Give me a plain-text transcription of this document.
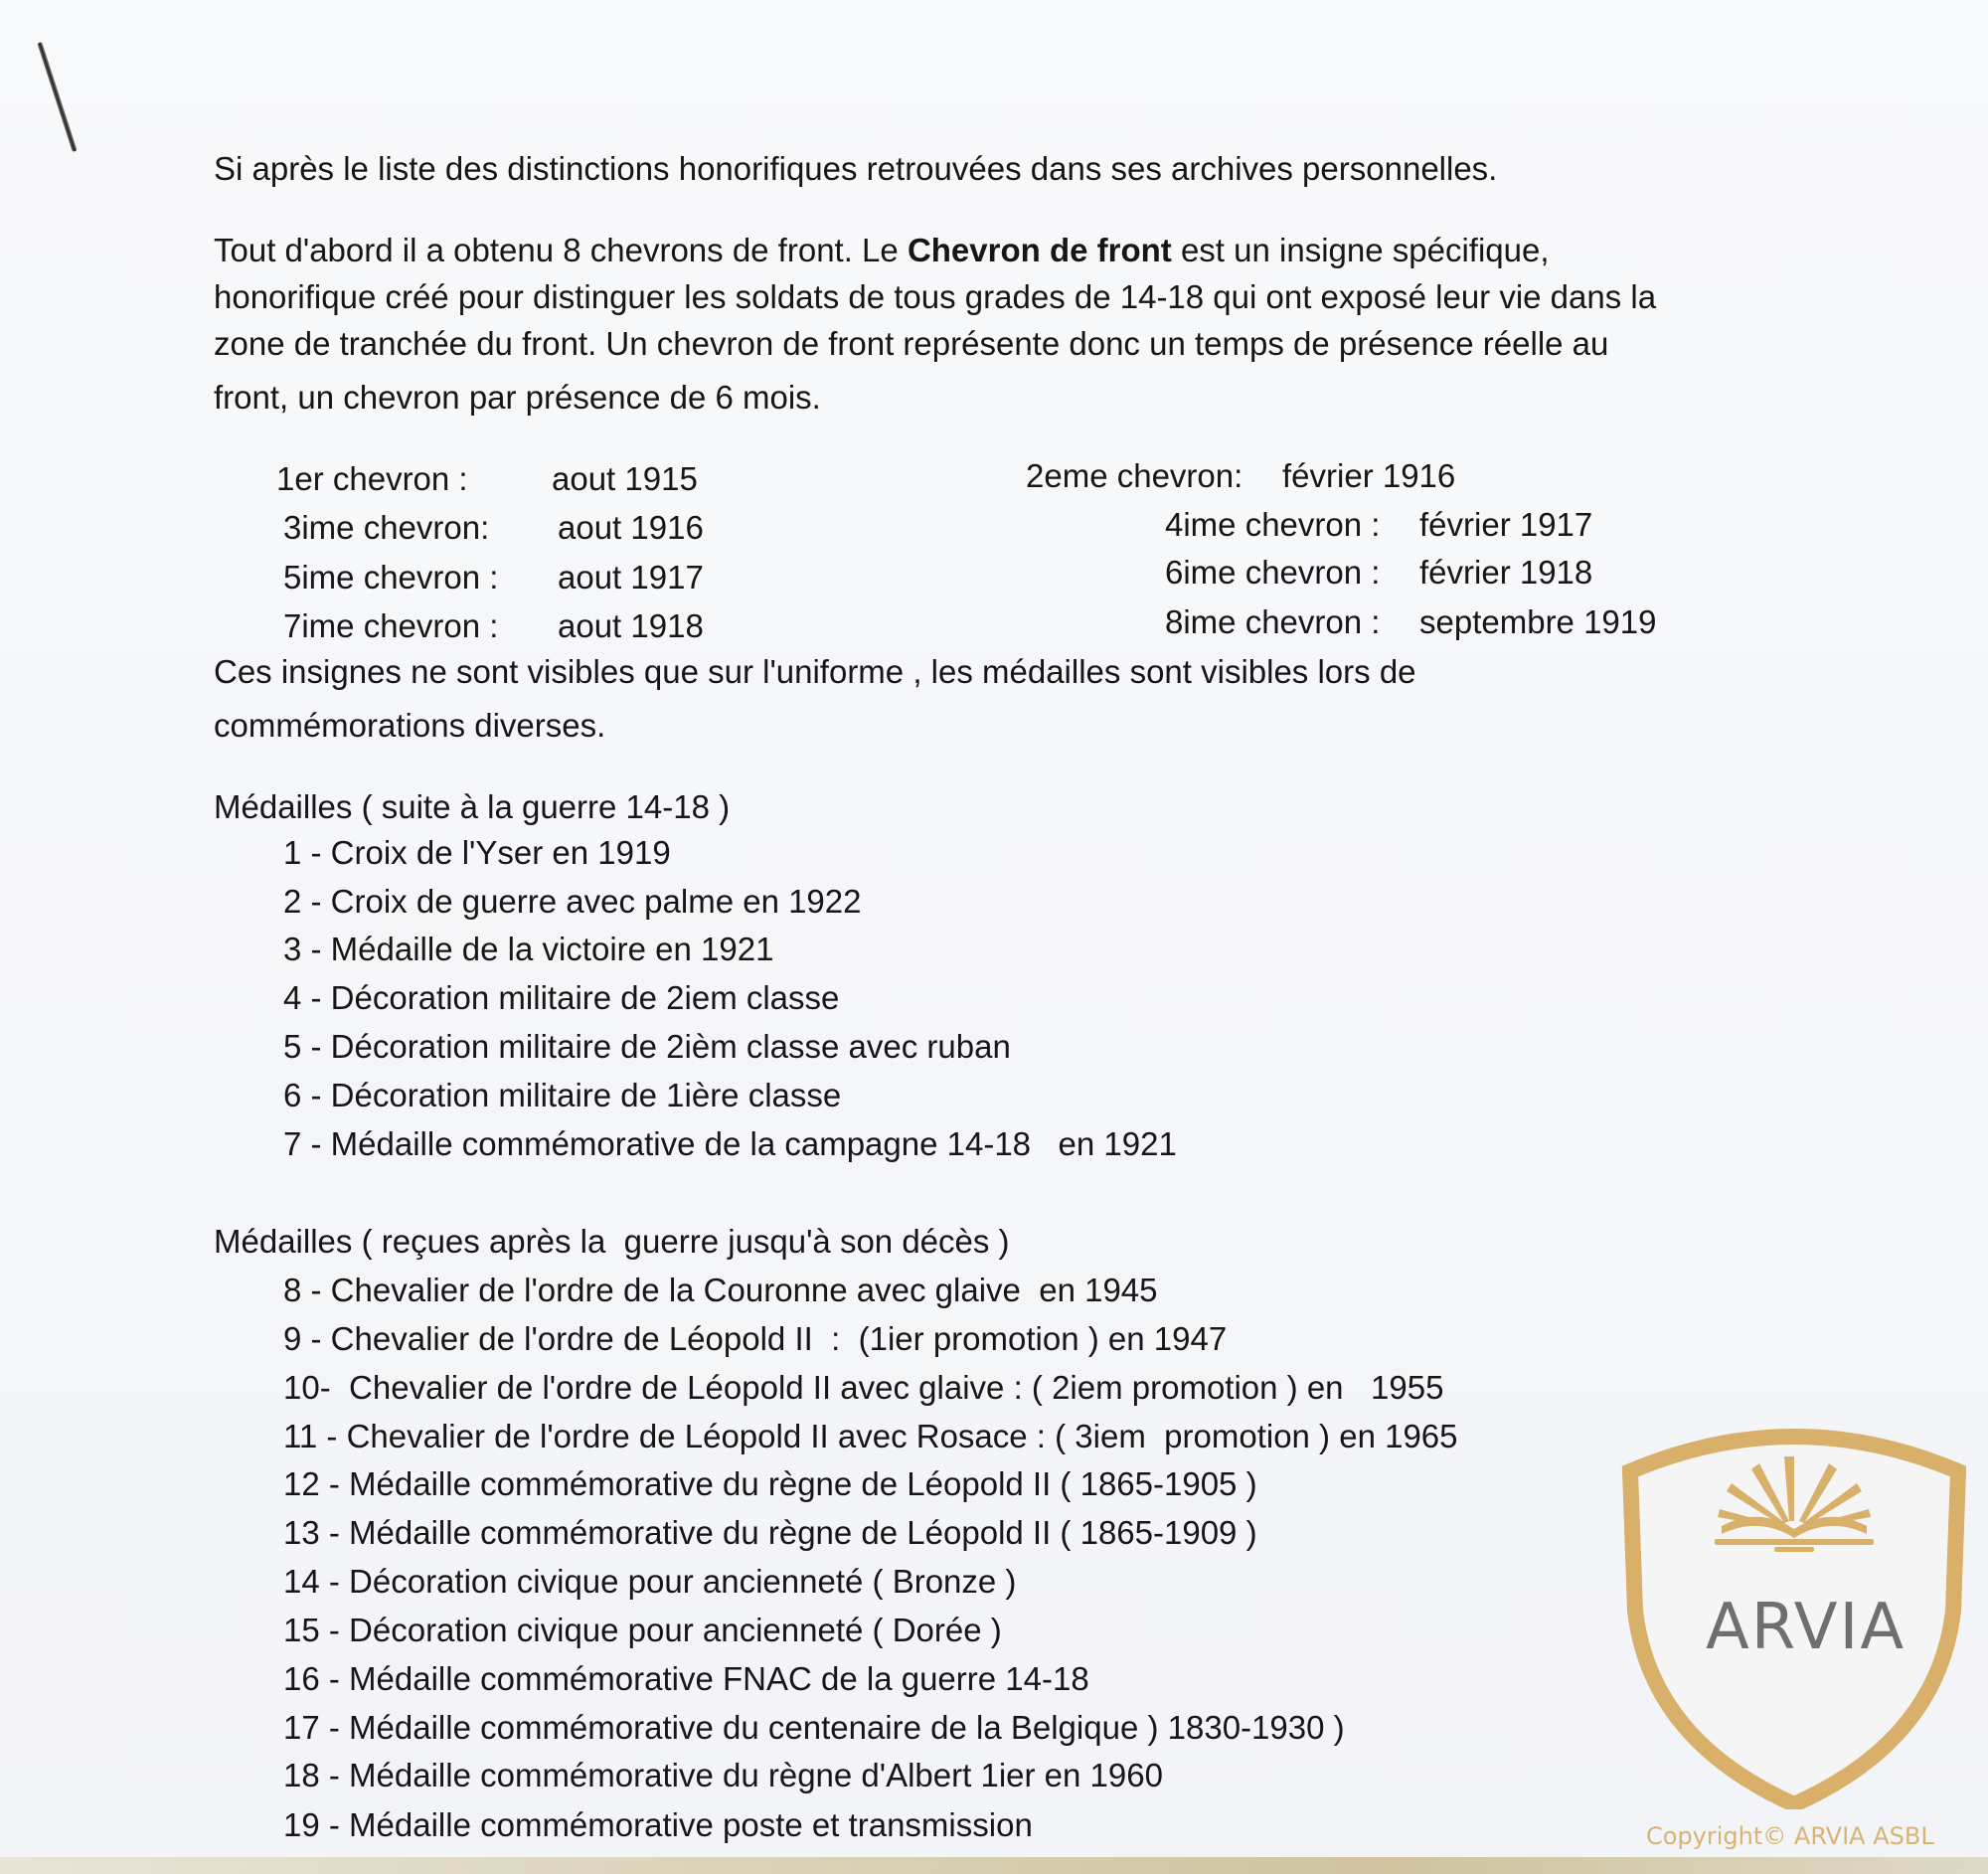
Si après le liste des distinctions honorifiques retrouvées dans ses archives personnelles.
Tout d'abord il a obtenu 8 chevrons de front. Le Chevron de front est un insigne spécifique,
honorifique créé pour distinguer les soldats de tous grades de 14-18 qui ont exposé leur vie dans la
zone de tranchée du front. Un chevron de front représente donc un temps de présence réelle au
front, un chevron par présence de 6 mois.
1er chevron :	aout 1915	2eme chevron: février 1916
3ime chevron: aout 1916	4ime chevron : février 1917
5ime chevron : aout 1917	6ime chevron : février 1918
7ime chevron : aout 1918	8ime chevron : septembre 1919
Ces insignes ne sont visibles que sur l'uniforme , les médailles sont visibles lors de
commémorations diverses.
Médailles ( suite à la guerre 14-18 )
1 - Croix de l'Yser en 1919
2 - Croix de guerre avec palme en 1922
3 - Médaille de la victoire en 1921
4 - Décoration militaire de 2iem classe
5 - Décoration militaire de 2ièm classe avec ruban
6 - Décoration militaire de 1ière classe
7 - Médaille commémorative de la campagne 14-18   en 1921
Médailles ( reçues après la  guerre jusqu'à son décès )
8 - Chevalier de l'ordre de la Couronne avec glaive  en 1945
9 - Chevalier de l'ordre de Léopold II  :  (1ier promotion ) en 1947
10-  Chevalier de l'ordre de Léopold II avec glaive : ( 2iem promotion ) en   1955
11 - Chevalier de l'ordre de Léopold II avec Rosace : ( 3iem  promotion ) en 1965
12 - Médaille commémorative du règne de Léopold II ( 1865-1905 )
13 - Médaille commémorative du règne de Léopold II ( 1865-1909 )
14 - Décoration civique pour ancienneté ( Bronze )
15 - Décoration civique pour ancienneté ( Dorée )
16 - Médaille commémorative FNAC de la guerre 14-18
17 - Médaille commémorative du centenaire de la Belgique ) 1830-1930 )
18 - Médaille commémorative du règne d'Albert 1ier en 1960
19 - Médaille commémorative poste et transmission
ARVIA
Copyright© ARVIA ASBL
